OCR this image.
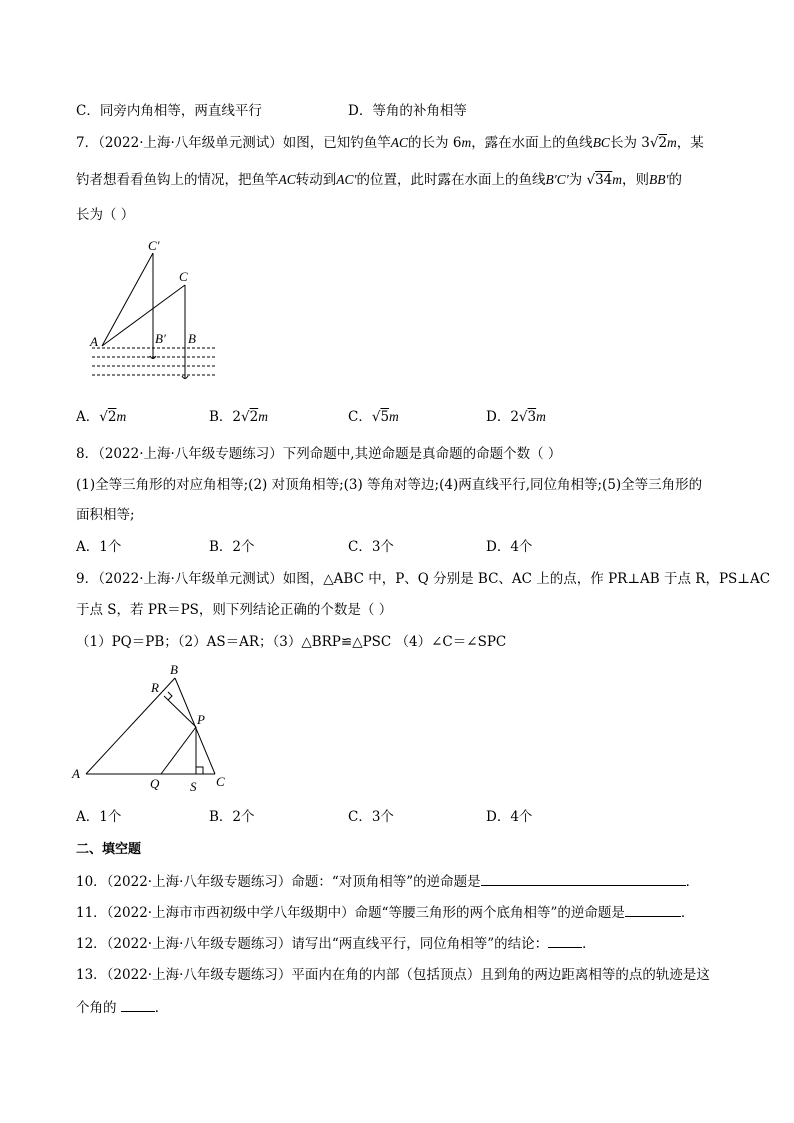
C．同旁内角相等，两直线平行	D．等角的补角相等
7．（2022·上海·八年级单元测试）如图，已知钓鱼竿AC的长为 6m，露在水面上的鱼线BC长为 3√2m，某
钓者想看看鱼钩上的情况，把鱼竿AC转动到AC′的位置，此时露在水面上的鱼线B′C′为 √34m，则BB′的
长为（ ）
A
C′
C
B′ B
A．√2m	B．2√2m	C．√5m	D．2√3m
8．（2022·上海·八年级专题练习）下列命题中,其逆命题是真命题的命题个数（ ）
(1)全等三角形的对应角相等;(2) 对顶角相等;(3) 等角对等边;(4)两直线平行,同位角相等;(5)全等三角形的
面积相等;
A．1个	B．2个	C．3个	D．4个
9．（2022·上海·八年级单元测试）如图，△ABC 中，P、Q 分别是 BC、AC 上的点，作 PR⊥AB 于点 R，PS⊥AC
于点 S，若 PR＝PS，则下列结论正确的个数是（ ）
（1）PQ＝PB；（2）AS＝AR；（3）△BRP≌△PSC （4）∠C＝∠SPC
A
B
C
P
Q
R
S
A．1个	B．2个	C．3个	D．4个
二、填空题
10．（2022·上海·八年级专题练习）命题：“对顶角相等”的逆命题是	．
11．（2022·上海市市西初级中学八年级期中）命题“等腰三角形的两个底角相等”的逆命题是	．
12．（2022·上海·八年级专题练习）请写出“两直线平行，同位角相等”的结论：	．
13．（2022·上海·八年级专题练习）平面内在角的内部（包括顶点）且到角的两边距离相等的点的轨迹是这
个角的	．
